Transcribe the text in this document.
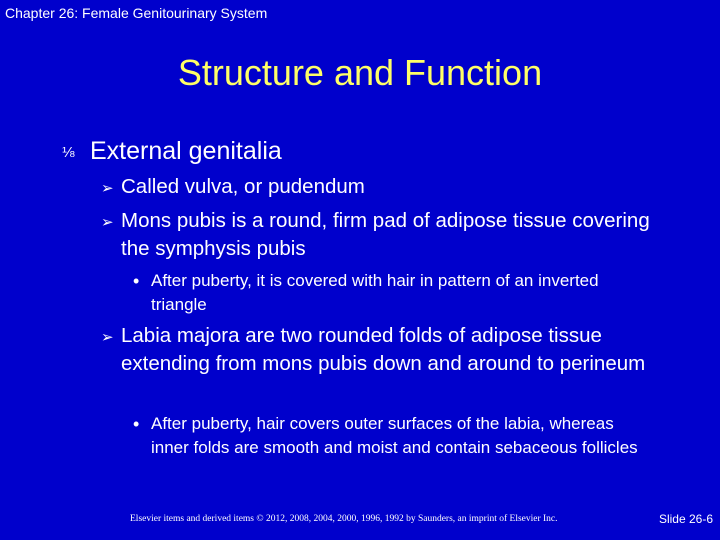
Chapter 26: Female Genitourinary System
Structure and Function
⅛ External genitalia
➢ Called vulva, or pudendum
➢ Mons pubis is a round, firm pad of adipose tissue covering the symphysis pubis
• After puberty, it is covered with hair in pattern of an inverted triangle
➢ Labia majora are two rounded folds of adipose tissue extending from mons pubis down and around to perineum
• After puberty, hair covers outer surfaces of the labia, whereas inner folds are smooth and moist and contain sebaceous follicles
Elsevier items and derived items © 2012, 2008, 2004, 2000, 1996, 1992 by Saunders, an imprint of Elsevier Inc.	Slide 26-6
